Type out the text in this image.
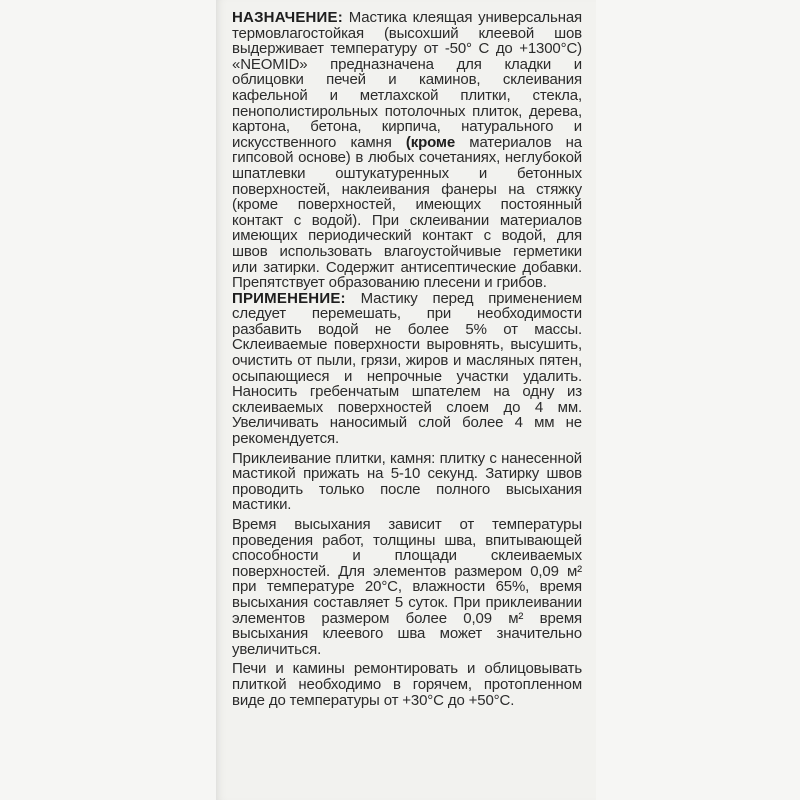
НАЗНАЧЕНИЕ: Мастика клеящая универсальная термовлагостойкая (высохший клеевой шов выдерживает температуру от -50° С до +1300°С) «NEOMID» предназначена для кладки и облицовки печей и каминов, склеивания кафельной и метлахской плитки, стекла, пенополистирольных потолочных плиток, дерева, картона, бетона, кирпича, натурального и искусственного камня (кроме материалов на гипсовой основе) в любых сочетаниях, неглубокой шпатлевки оштукатуренных и бетонных поверхностей, наклеивания фанеры на стяжку (кроме поверхностей, имеющих постоянный контакт с водой). При склеивании материалов имеющих периодический контакт с водой, для швов использовать влагоустойчивые герметики или затирки. Содержит антисептические добавки. Препятствует образованию плесени и грибов.

ПРИМЕНЕНИЕ: Мастику перед применением следует перемешать, при необходимости разбавить водой не более 5% от массы. Склеиваемые поверхности выровнять, высушить, очистить от пыли, грязи, жиров и масляных пятен, осыпающиеся и непрочные участки удалить. Наносить гребенчатым шпателем на одну из склеиваемых поверхностей слоем до 4 мм. Увеличивать наносимый слой более 4 мм не рекомендуется.

Приклеивание плитки, камня: плитку с нанесенной мастикой прижать на 5-10 секунд. Затирку швов проводить только после полного высыхания мастики.

Время высыхания зависит от температуры проведения работ, толщины шва, впитывающей способности и площади склеиваемых поверхностей. Для элементов размером 0,09 м² при температуре 20°С, влажности 65%, время высыхания составляет 5 суток. При приклеивании элементов размером более 0,09 м² время высыхания клеевого шва может значительно увеличиться.

Печи и камины ремонтировать и облицовывать плиткой необходимо в горячем, протопленном виде до температуры от +30°С до +50°С.
